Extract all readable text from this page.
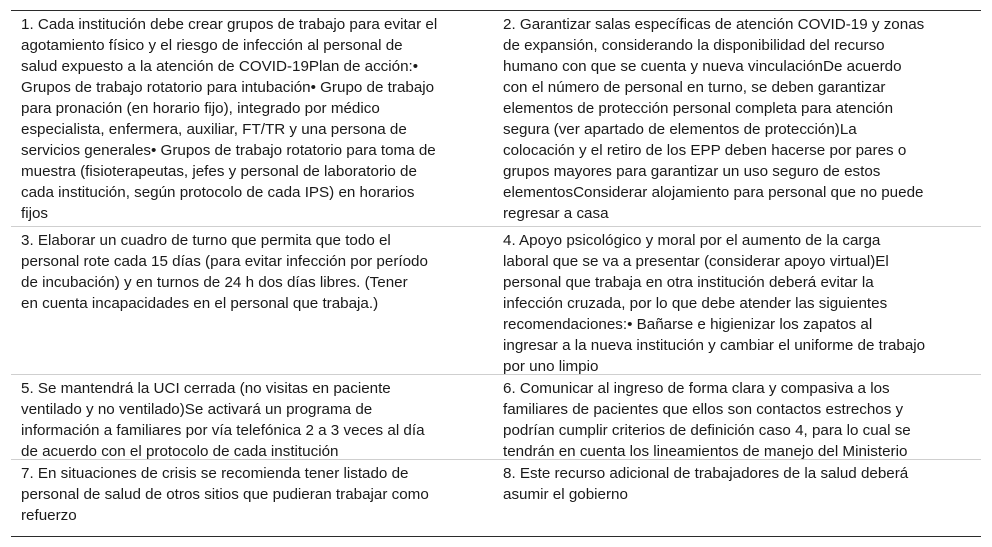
1. Cada institución debe crear grupos de trabajo para evitar el
agotamiento físico y el riesgo de infección al personal de
salud expuesto a la atención de COVID-19Plan de acción:•
Grupos de trabajo rotatorio para intubación• Grupo de trabajo
para pronación (en horario fijo), integrado por médico
especialista, enfermera, auxiliar, FT/TR y una persona de
servicios generales• Grupos de trabajo rotatorio para toma de
muestra (fisioterapeutas, jefes y personal de laboratorio de
cada institución, según protocolo de cada IPS) en horarios
fijos
2. Garantizar salas específicas de atención COVID-19 y zonas
de expansión, considerando la disponibilidad del recurso
humano con que se cuenta y nueva vinculaciónDe acuerdo
con el número de personal en turno, se deben garantizar
elementos de protección personal completa para atención
segura (ver apartado de elementos de protección)La
colocación y el retiro de los EPP deben hacerse por pares o
grupos mayores para garantizar un uso seguro de estos
elementosConsiderar alojamiento para personal que no puede
regresar a casa
3. Elaborar un cuadro de turno que permita que todo el
personal rote cada 15 días (para evitar infección por período
de incubación) y en turnos de 24 h dos días libres. (Tener
en cuenta incapacidades en el personal que trabaja.)
4. Apoyo psicológico y moral por el aumento de la carga
laboral que se va a presentar (considerar apoyo virtual)El
personal que trabaja en otra institución deberá evitar la
infección cruzada, por lo que debe atender las siguientes
recomendaciones:• Bañarse e higienizar los zapatos al
ingresar a la nueva institución y cambiar el uniforme de trabajo
por uno limpio
5. Se mantendrá la UCI cerrada (no visitas en paciente
ventilado y no ventilado)Se activará un programa de
información a familiares por vía telefónica 2 a 3 veces al día
de acuerdo con el protocolo de cada institución
6. Comunicar al ingreso de forma clara y compasiva a los
familiares de pacientes que ellos son contactos estrechos y
podrían cumplir criterios de definición caso 4, para lo cual se
tendrán en cuenta los lineamientos de manejo del Ministerio
7. En situaciones de crisis se recomienda tener listado de
personal de salud de otros sitios que pudieran trabajar como
refuerzo
8. Este recurso adicional de trabajadores de la salud deberá
asumir el gobierno
